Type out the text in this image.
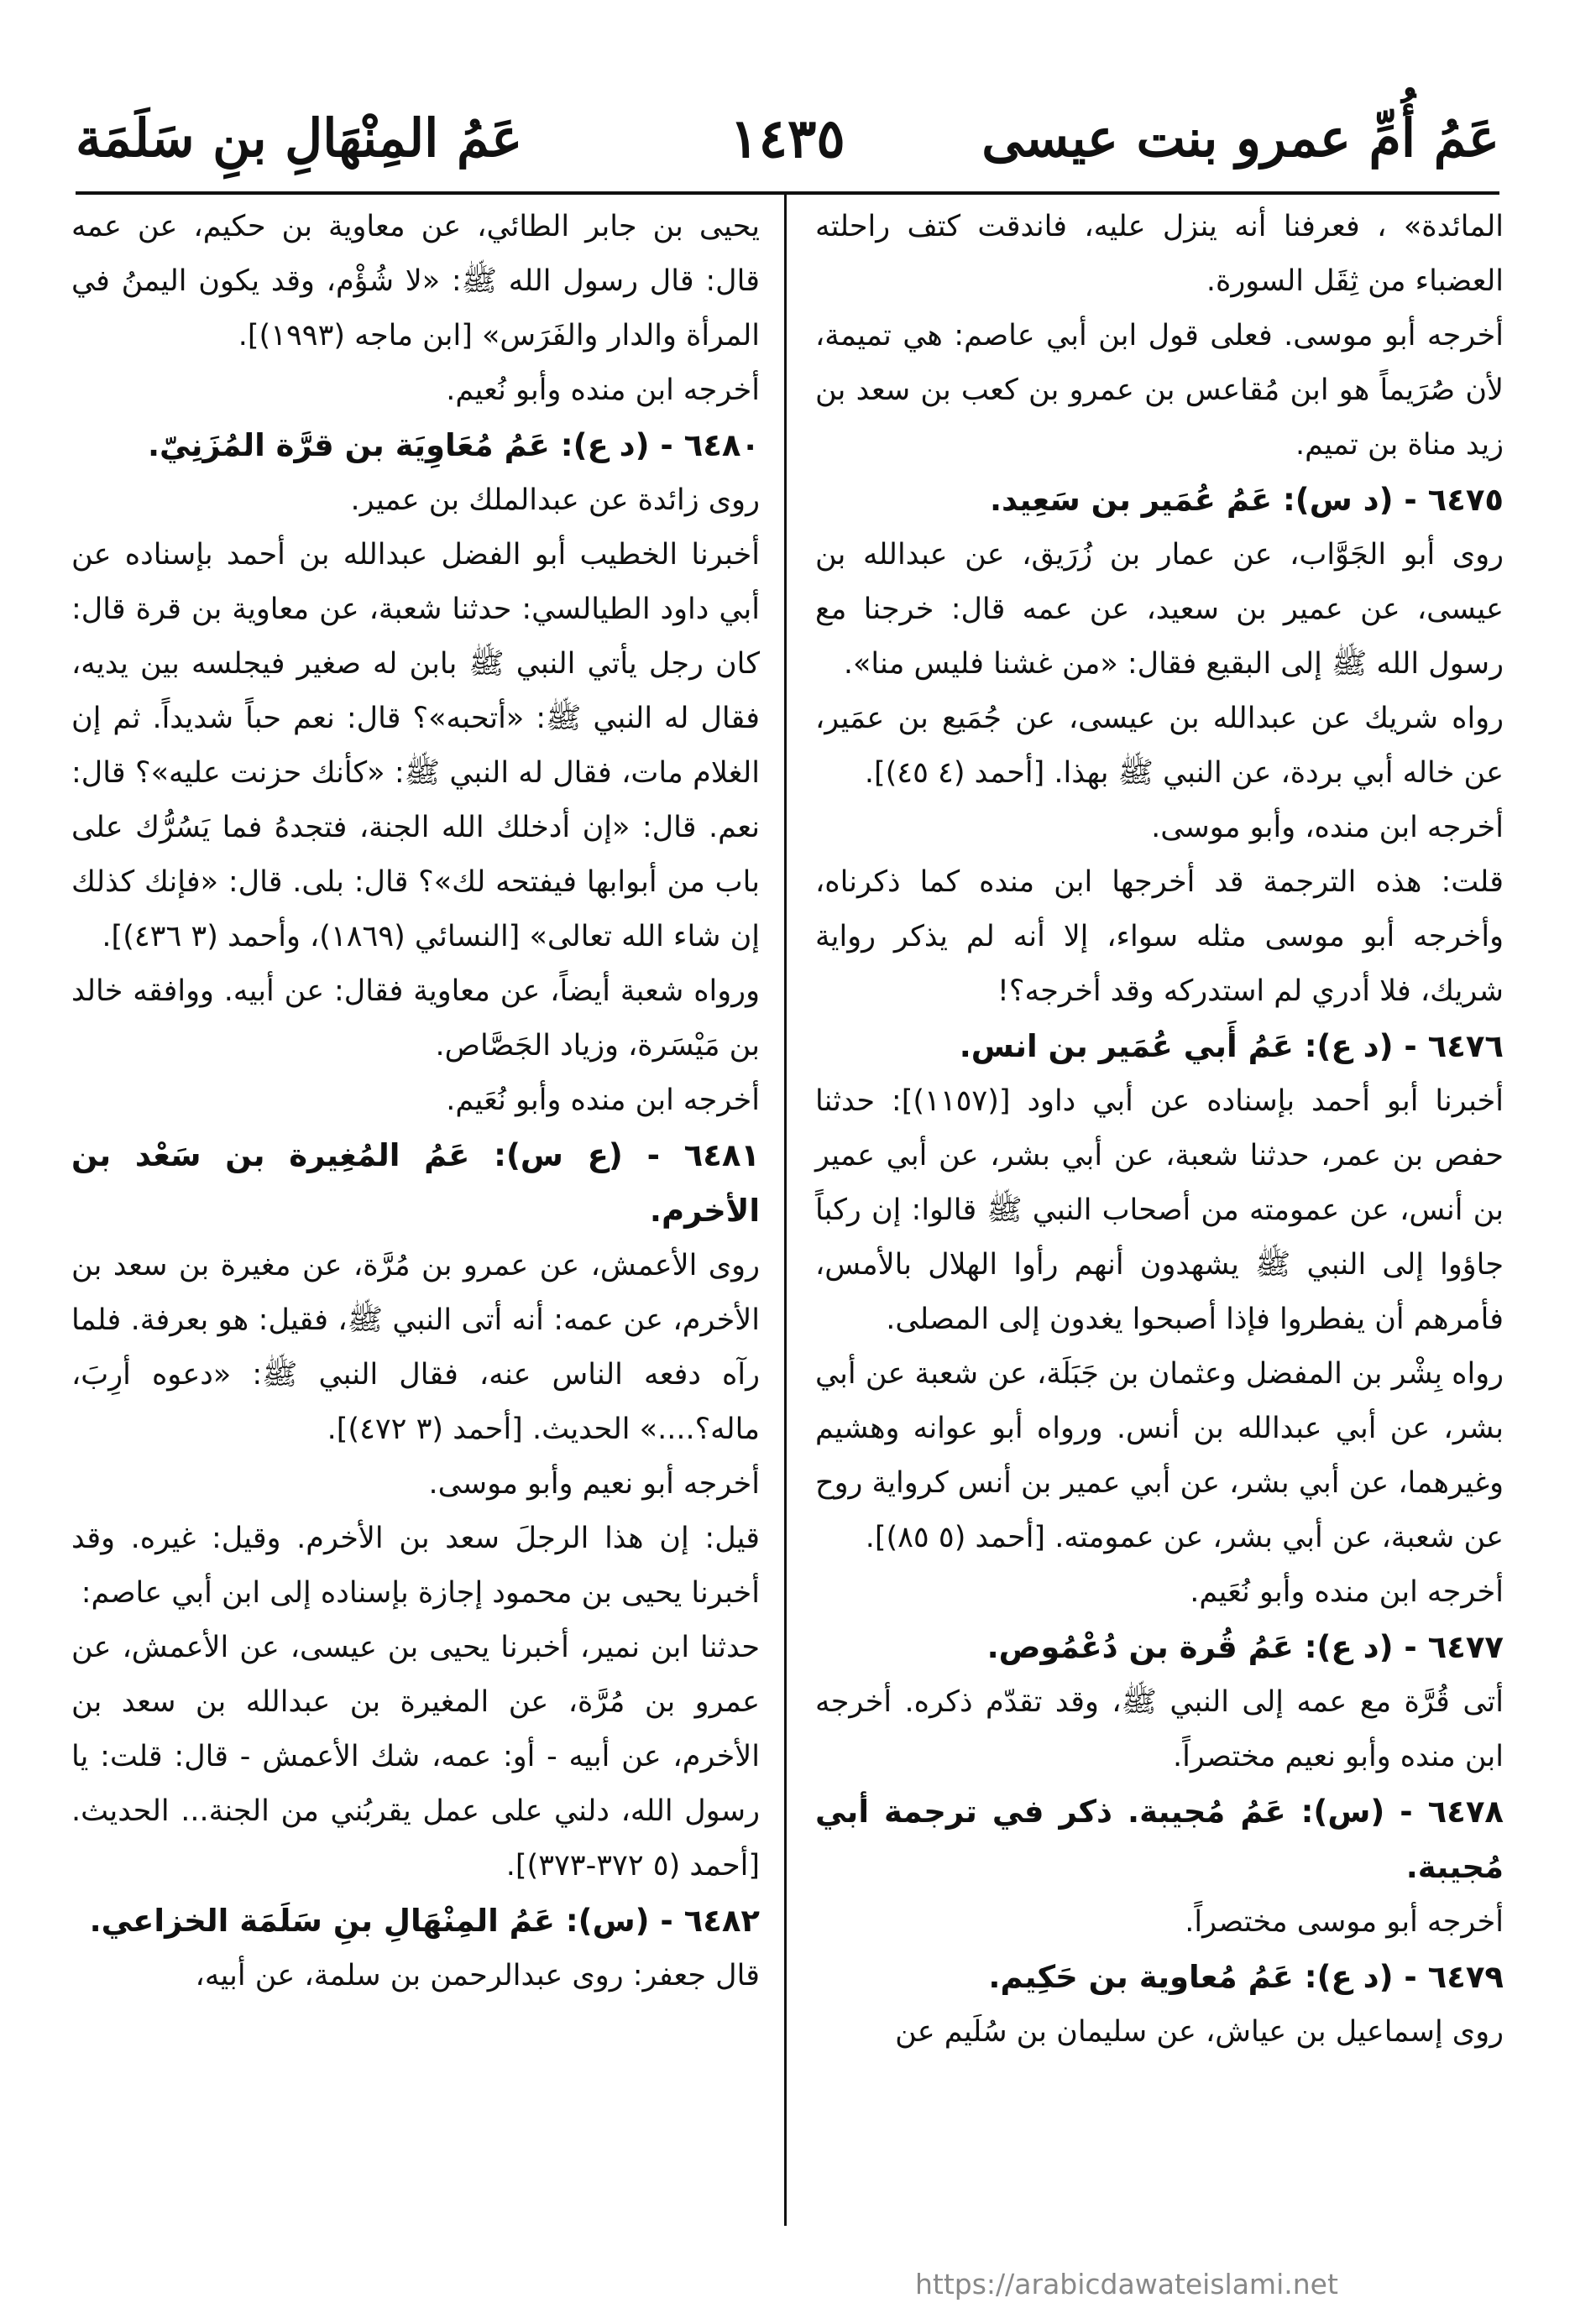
عَمُ أُمِّ عمرو بنت عيسى
١٤٣٥
عَمُ المِنْهَالِ بنِ سَلَمَة

المائدة» ، فعرفنا أنه ينزل عليه، فاندقت كتف راحلته العضباء من ثِقَل السورة.

أخرجه أبو موسى. فعلى قول ابن أبي عاصم: هي تميمة، لأن صُرَيماً هو ابن مُقاعس بن عمرو بن كعب بن سعد بن زيد مناة بن تميم.

٦٤٧٥ - (د س): عَمُ عُمَير بن سَعِيد.

روى أبو الجَوَّاب، عن عمار بن زُرَيق، عن عبدالله بن عيسى، عن عمير بن سعيد، عن عمه قال: خرجنا مع رسول الله ﷺ إلى البقيع فقال: «من غشنا فليس منا».

رواه شريك عن عبدالله بن عيسى، عن جُمَيع بن عمَير، عن خاله أبي بردة، عن النبي ﷺ بهذا. [أحمد (٤ ٤٥)].

أخرجه ابن منده، وأبو موسى.

قلت: هذه الترجمة قد أخرجها ابن منده كما ذكرناه، وأخرجه أبو موسى مثله سواء، إلا أنه لم يذكر رواية شريك، فلا أدري لم استدركه وقد أخرجه؟!

٦٤٧٦ - (د ع): عَمُ أَبي عُمَير بن انس.

أخبرنا أبو أحمد بإسناده عن أبي داود [(١١٥٧)]: حدثنا حفص بن عمر، حدثنا شعبة، عن أبي بشر، عن أبي عمير بن أنس، عن عمومته من أصحاب النبي ﷺ قالوا: إن ركباً جاؤوا إلى النبي ﷺ يشهدون أنهم رأوا الهلال بالأمس، فأمرهم أن يفطروا فإذا أصبحوا يغدون إلى المصلى.

رواه بِشْر بن المفضل وعثمان بن جَبَلَة، عن شعبة عن أبي بشر، عن أبي عبدالله بن أنس. ورواه أبو عوانه وهشيم وغيرهما، عن أبي بشر، عن أبي عمير بن أنس كرواية روح عن شعبة، عن أبي بشر، عن عمومته. [أحمد (٥ ٨٥)].

أخرجه ابن منده وأبو نُعَيم.

٦٤٧٧ - (د ع): عَمُ قُرة بن دُعْمُوص.

أتى قُرَّة مع عمه إلى النبي ﷺ، وقد تقدّم ذكره. أخرجه ابن منده وأبو نعيم مختصراً.

٦٤٧٨ - (س): عَمُ مُجيبة. ذكر في ترجمة أبي مُجيبة.

أخرجه أبو موسى مختصراً.

٦٤٧٩ - (د ع): عَمُ مُعاوية بن حَكِيم.

روى إسماعيل بن عياش، عن سليمان بن سُلَيم عن

يحيى بن جابر الطائي، عن معاوية بن حكيم، عن عمه قال: قال رسول الله ﷺ: «لا شُؤْم، وقد يكون اليمنُ في المرأة والدار والفَرَس» [ابن ماجه (١٩٩٣)].

أخرجه ابن منده وأبو نُعيم.

٦٤٨٠ - (د ع): عَمُ مُعَاوِيَة بن قرَّة المُزَنِيّ.

روى زائدة عن عبدالملك بن عمير.

أخبرنا الخطيب أبو الفضل عبدالله بن أحمد بإسناده عن أبي داود الطيالسي: حدثنا شعبة، عن معاوية بن قرة قال: كان رجل يأتي النبي ﷺ بابن له صغير فيجلسه بين يديه، فقال له النبي ﷺ: «أتحبه»؟ قال: نعم حباً شديداً. ثم إن الغلام مات، فقال له النبي ﷺ: «كأنك حزنت عليه»؟ قال: نعم. قال: «إن أدخلك الله الجنة، فتجدهُ فما يَسُرُّك على باب من أبوابها فيفتحه لك»؟ قال: بلى. قال: «فإنك كذلك إن شاء الله تعالى» [النسائي (١٨٦٩)، وأحمد (٣ ٤٣٦)].

ورواه شعبة أيضاً، عن معاوية فقال: عن أبيه. ووافقه خالد بن مَيْسَرة، وزياد الجَصَّاص.

أخرجه ابن منده وأبو نُعَيم.

٦٤٨١ - (ع س): عَمُ المُغِيرة بن سَعْد بن الأخرم.

روى الأعمش، عن عمرو بن مُرَّة، عن مغيرة بن سعد بن الأخرم، عن عمه: أنه أتى النبي ﷺ، فقيل: هو بعرفة. فلما رآه دفعه الناس عنه، فقال النبي ﷺ: «دعوه أرِبَ، ماله؟....» الحديث. [أحمد (٣ ٤٧٢)].

أخرجه أبو نعيم وأبو موسى.

قيل: إن هذا الرجلَ سعد بن الأخرم. وقيل: غيره. وقد أخبرنا يحيى بن محمود إجازة بإسناده إلى ابن أبي عاصم:

حدثنا ابن نمير، أخبرنا يحيى بن عيسى، عن الأعمش، عن عمرو بن مُرَّة، عن المغيرة بن عبدالله بن سعد بن الأخرم، عن أبيه - أو: عمه، شك الأعمش - قال: قلت: يا رسول الله، دلني على عمل يقربُني من الجنة... الحديث. [أحمد (٥ ٣٧٢-٣٧٣)].

٦٤٨٢ - (س): عَمُ المِنْهَالِ بنِ سَلَمَة الخزاعي.

قال جعفر: روى عبدالرحمن بن سلمة، عن أبيه،

https://arabicdawateislami.net
